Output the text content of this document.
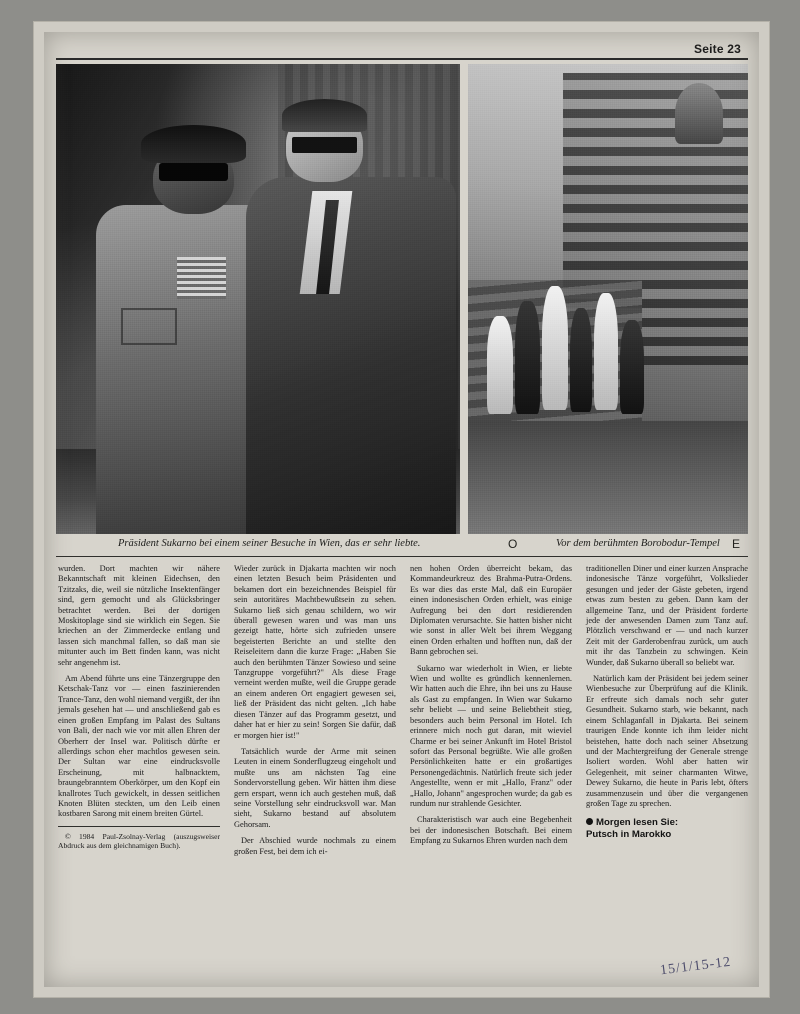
Seite 23
Präsident Sukarno bei einem seiner Besuche in Wien, das er sehr liebte.	O	Vor dem berühmten Borobodur-Tempel E

wurden. Dort machten wir nähere Bekanntschaft mit kleinen Eidechsen, den Tzitzaks, die, weil sie nützliche Insektenfänger sind, gern gemocht und als Glücksbringer betrachtet werden. Bei der dortigen Moskitoplage sind sie wirklich ein Segen. Sie kriechen an der Zimmerdecke entlang und lassen sich manchmal fallen, so daß man sie mitunter auch im Bett finden kann, was nicht sehr angenehm ist.

Am Abend führte uns eine Tänzergruppe den Ketschak-Tanz vor — einen faszinierenden Trance-Tanz, den wohl niemand vergißt, der ihn jemals gesehen hat — und anschließend gab es einen großen Empfang im Palast des Sultans von Bali, der nach wie vor mit allen Ehren der Oberherr der Insel war. Politisch dürfte er allerdings schon eher machtlos gewesen sein. Der Sultan war eine eindrucksvolle Erscheinung, mit halbnacktem, braungebranntem Oberkörper, um den Kopf ein knallrotes Tuch gewickelt, in dessen seitlichen Knoten Blüten steckten, um den Leib einen kostbaren Sarong mit einem breiten Gürtel.

© 1984 Paul-Zsolnay-Verlag (auszugsweiser Abdruck aus dem gleichnamigen Buch).

Wieder zurück in Djakarta machten wir noch einen letzten Besuch beim Präsidenten und bekamen dort ein bezeichnendes Beispiel für sein autoritäres Machtbewußtsein zu sehen. Sukarno ließ sich genau schildern, wo wir überall gewesen waren und was man uns gezeigt hatte, hörte sich zufrieden unsere begeisterten Berichte an und stellte den Reiseleitern dann die kurze Frage: „Haben Sie auch den berühmten Tänzer Sowieso und seine Tanzgruppe vorgeführt?" Als diese Frage verneint werden mußte, weil die Gruppe gerade an einem anderen Ort engagiert gewesen sei, ließ der Präsident das nicht gelten. „Ich habe diesen Tänzer auf das Programm gesetzt, und daher hat er hier zu sein! Sorgen Sie dafür, daß er morgen hier ist!"

Tatsächlich wurde der Arme mit seinen Leuten in einem Sonderflugzeug eingeholt und mußte uns am nächsten Tag eine Sondervorstellung geben. Wir hätten ihm diese gern erspart, wenn ich auch gestehen muß, daß seine Vorstellung sehr eindrucksvoll war. Man sieht, Sukarno bestand auf absolutem Gehorsam.

Der Abschied wurde nochmals zu einem großen Fest, bei dem ich ei-

nen hohen Orden überreicht bekam, das Kommandeurkreuz des Brahma-Putra-Ordens. Es war dies das erste Mal, daß ein Europäer einen indonesischen Orden erhielt, was einige Aufregung bei den dort residierenden Diplomaten verursachte. Sie hatten bisher nicht wie sonst in aller Welt bei ihrem Weggang einen Orden erhalten und hofften nun, daß der Bann gebrochen sei.

Sukarno war wiederholt in Wien, er liebte Wien und wollte es gründlich kennenlernen. Wir hatten auch die Ehre, ihn bei uns zu Hause als Gast zu empfangen. In Wien war Sukarno sehr beliebt — und seine Beliebtheit stieg, besonders auch beim Personal im Hotel. Ich erinnere mich noch gut daran, mit wieviel Charme er bei seiner Ankunft im Hotel Bristol sofort das Personal begrüßte. Wie alle großen Persönlichkeiten hatte er ein großartiges Personengedächtnis. Natürlich freute sich jeder Angestellte, wenn er mit „Hallo, Franz" oder „Hallo, Johann" angesprochen wurde; da gab es rundum nur strahlende Gesichter.

Charakteristisch war auch eine Begebenheit bei der indonesischen Botschaft. Bei einem Empfang zu Sukarnos Ehren wurden nach dem

traditionellen Diner und einer kurzen Ansprache indonesische Tänze vorgeführt, Volkslieder gesungen und jeder der Gäste gebeten, irgend etwas zum besten zu geben. Dann kam der allgemeine Tanz, und der Präsident forderte jede der anwesenden Damen zum Tanz auf. Plötzlich verschwand er — und nach kurzer Zeit mit der Garderobenfrau zurück, um auch mit ihr das Tanzbein zu schwingen. Kein Wunder, daß Sukarno überall so beliebt war.

Natürlich kam der Präsident bei jedem seiner Wienbesuche zur Überprüfung auf die Klinik. Er erfreute sich damals noch sehr guter Gesundheit. Sukarno starb, wie bekannt, nach einem Schlaganfall in Djakarta. Bei seinem traurigen Ende konnte ich ihm leider nicht beistehen, hatte doch nach seiner Absetzung und der Machtergreifung der Generale strenge Isoliert worden. Wohl aber hatten wir Gelegenheit, mit seiner charmanten Witwe, Dewey Sukarno, die heute in Paris lebt, öfters zusammenzusein und über die vergangenen großen Tage zu sprechen.

Morgen lesen Sie:
Putsch in Marokko
15/1/15-12
